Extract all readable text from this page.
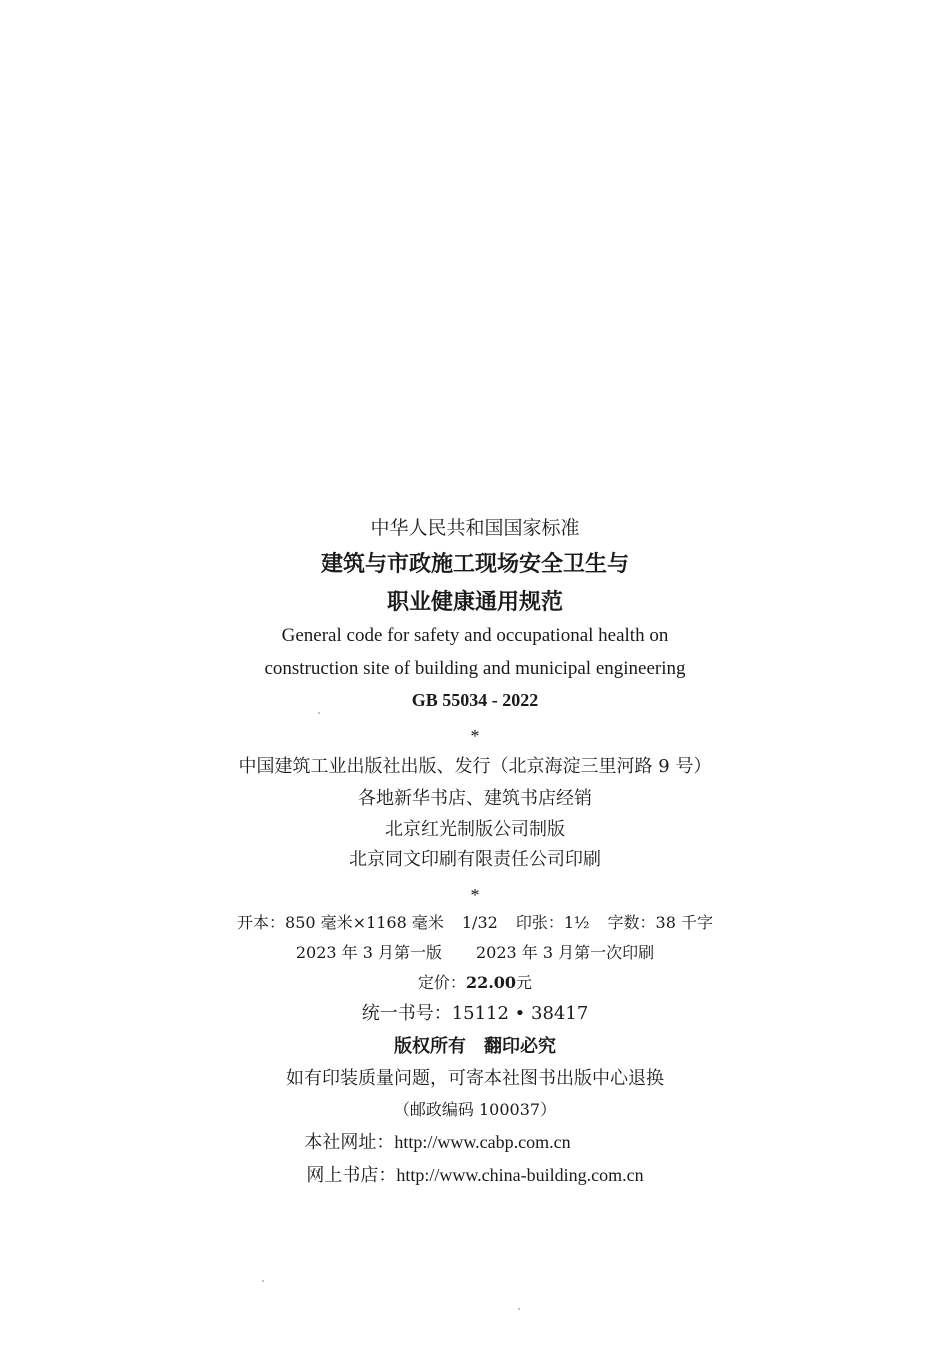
中华人民共和国国家标准
建筑与市政施工现场安全卫生与
职业健康通用规范
General code for safety and occupational health on
construction site of building and municipal engineering
GB 55034 - 2022
*
中国建筑工业出版社出版、发行（北京海淀三里河路 9 号）
各地新华书店、建筑书店经销
北京红光制版公司制版
北京同文印刷有限责任公司印刷
*
开本：850 毫米×1168 毫米 1/32 印张：1½ 字数：38 千字
2023 年 3 月第一版 2023 年 3 月第一次印刷
定价：22.00元
统一书号：15112 • 38417
版权所有 翻印必究
如有印装质量问题，可寄本社图书出版中心退换
（邮政编码 100037）
本社网址：http://www.cabp.com.cn
网上书店：http://www.china-building.com.cn
